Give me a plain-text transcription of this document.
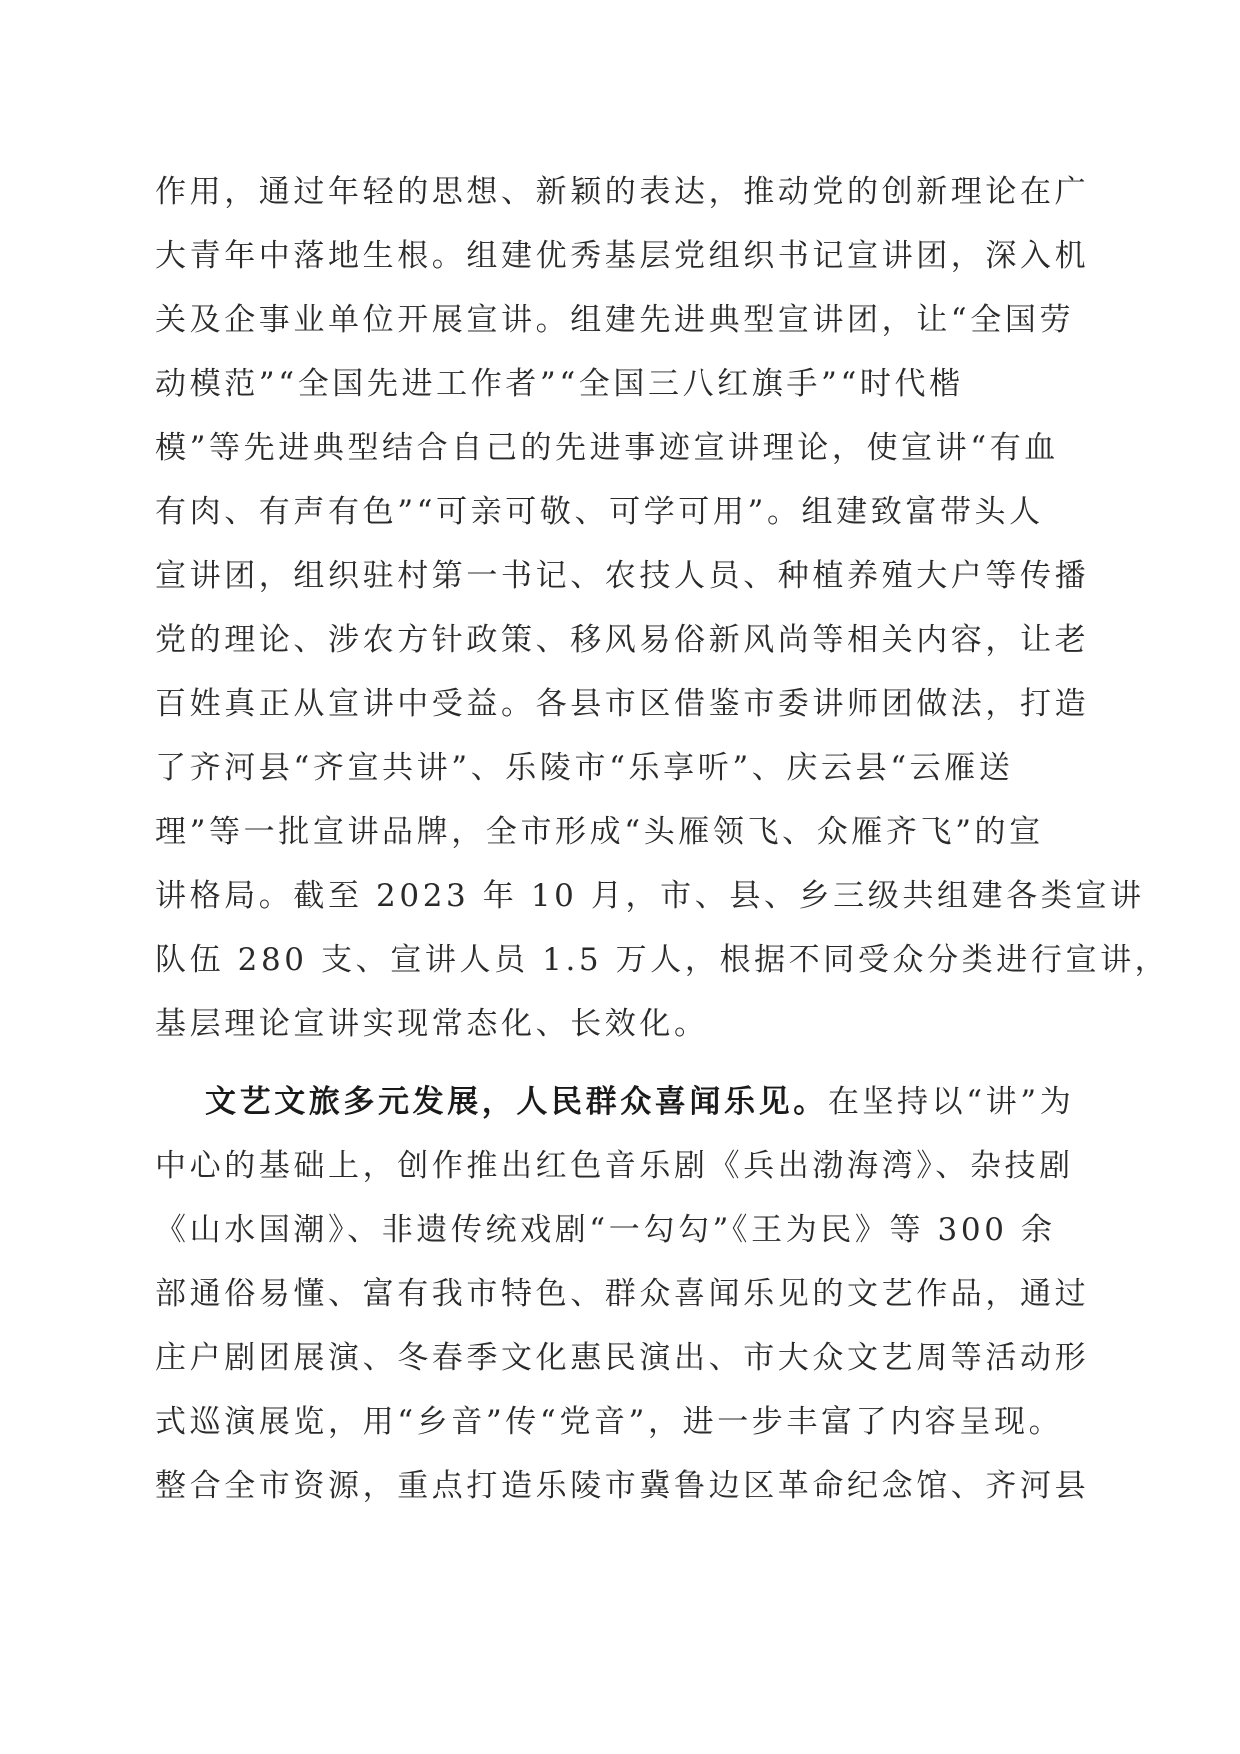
作用，通过年轻的思想、新颖的表达，推动党的创新理论在广
大青年中落地生根。组建优秀基层党组织书记宣讲团，深入机
关及企事业单位开展宣讲。组建先进典型宣讲团，让“全国劳
动模范”“全国先进工作者”“全国三八红旗手”“时代楷
模”等先进典型结合自己的先进事迹宣讲理论，使宣讲“有血
有肉、有声有色”“可亲可敬、可学可用”。组建致富带头人
宣讲团，组织驻村第一书记、农技人员、种植养殖大户等传播
党的理论、涉农方针政策、移风易俗新风尚等相关内容，让老
百姓真正从宣讲中受益。各县市区借鉴市委讲师团做法，打造
了齐河县“齐宣共讲”、乐陵市“乐享听”、庆云县“云雁送
理”等一批宣讲品牌，全市形成“头雁领飞、众雁齐飞”的宣
讲格局。截至 2023 年 10 月，市、县、乡三级共组建各类宣讲
队伍 280 支、宣讲人员 1.5 万人，根据不同受众分类进行宣讲，
基层理论宣讲实现常态化、长效化。
文艺文旅多元发展，人民群众喜闻乐见。在坚持以“讲”为
中心的基础上，创作推出红色音乐剧《兵出渤海湾》、杂技剧
《山水国潮》、非遗传统戏剧“一勾勾”《王为民》等 300 余
部通俗易懂、富有我市特色、群众喜闻乐见的文艺作品，通过
庄户剧团展演、冬春季文化惠民演出、市大众文艺周等活动形
式巡演展览，用“乡音”传“党音”，进一步丰富了内容呈现。
整合全市资源，重点打造乐陵市冀鲁边区革命纪念馆、齐河县
